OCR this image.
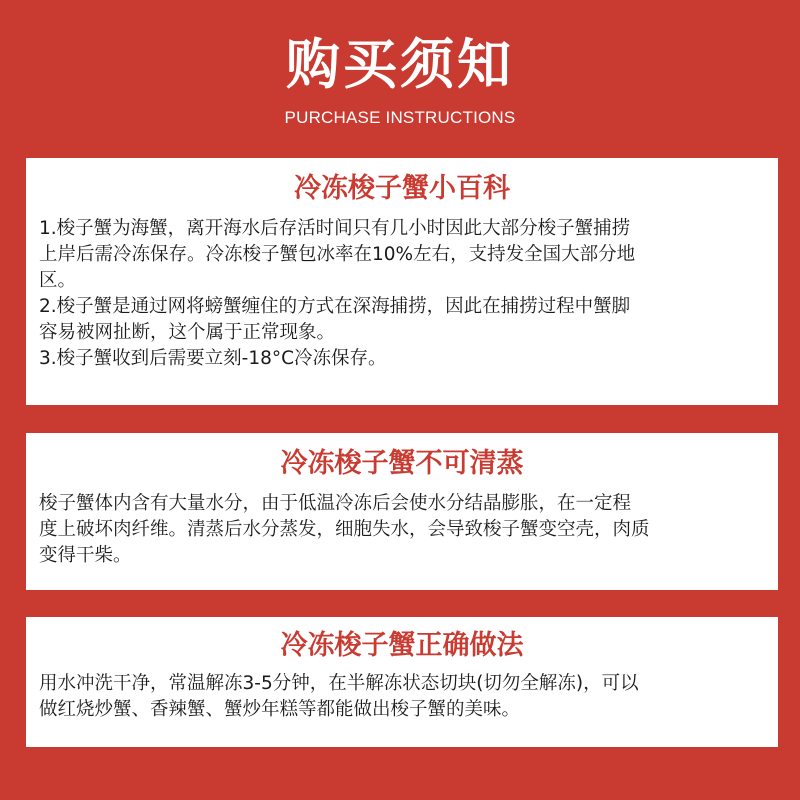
购买须知
PURCHASE INSTRUCTIONS
冷冻梭子蟹小百科
1.梭子蟹为海蟹，离开海水后存活时间只有几小时因此大部分梭子蟹捕捞
上岸后需冷冻保存。冷冻梭子蟹包冰率在10%左右，支持发全国大部分地
区。
2.梭子蟹是通过网将螃蟹缠住的方式在深海捕捞，因此在捕捞过程中蟹脚
容易被网扯断，这个属于正常现象。
3.梭子蟹收到后需要立刻-18°C冷冻保存。
冷冻梭子蟹不可清蒸
梭子蟹体内含有大量水分，由于低温冷冻后会使水分结晶膨胀，在一定程
度上破坏肉纤维。清蒸后水分蒸发，细胞失水，会导致梭子蟹变空壳，肉质
变得干柴。
冷冻梭子蟹正确做法
用水冲洗干净，常温解冻3-5分钟，在半解冻状态切块(切勿全解冻)，可以
做红烧炒蟹、香辣蟹、蟹炒年糕等都能做出梭子蟹的美味。
